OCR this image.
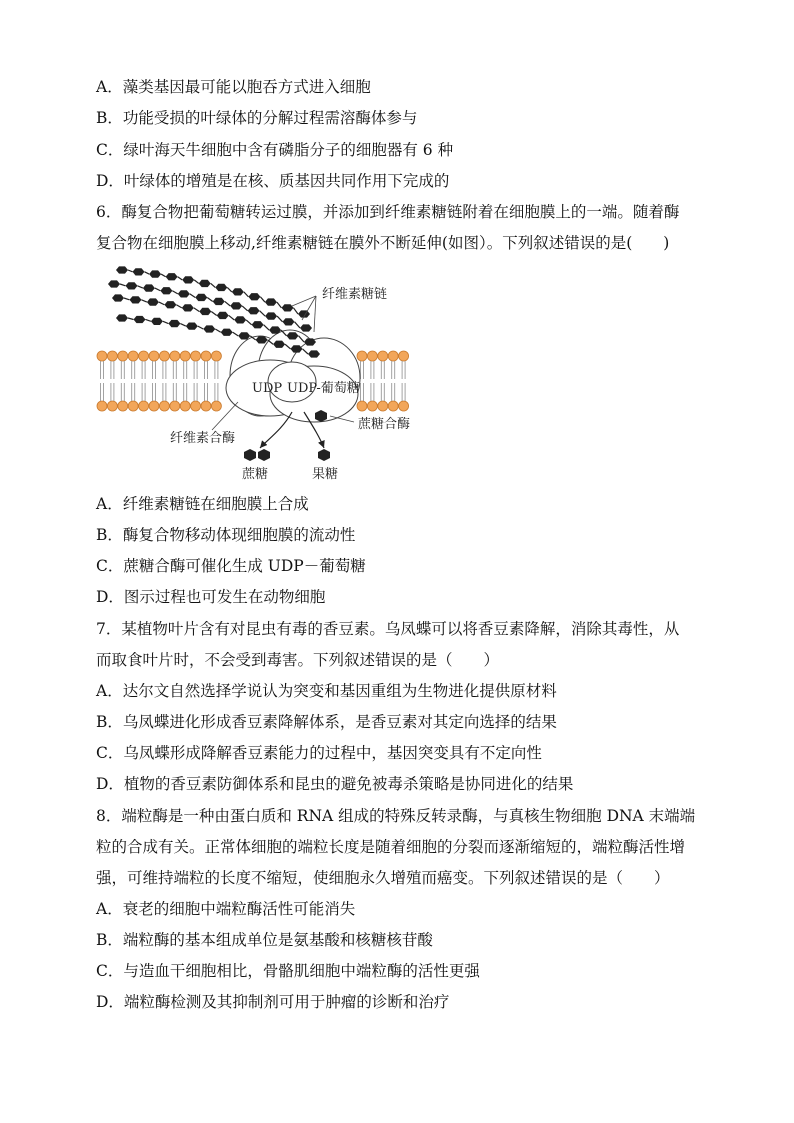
A．藻类基因最可能以胞吞方式进入细胞
B．功能受损的叶绿体的分解过程需溶酶体参与
C．绿叶海天牛细胞中含有磷脂分子的细胞器有 6 种
D．叶绿体的增殖是在核、质基因共同作用下完成的
6．酶复合物把葡萄糖转运过膜，并添加到纤维素糖链附着在细胞膜上的一端。随着酶
复合物在细胞膜上移动,纤维素糖链在膜外不断延伸(如图）。下列叙述错误的是(　　)
纤维素糖链
UDP UDP-葡萄糖
蔗糖合酶
纤维素合酶
蔗糖	果糖
A．纤维素糖链在细胞膜上合成
B．酶复合物移动体现细胞膜的流动性
C．蔗糖合酶可催化生成 UDP－葡萄糖
D．图示过程也可发生在动物细胞
7．某植物叶片含有对昆虫有毒的香豆素。乌凤蝶可以将香豆素降解，消除其毒性，从
而取食叶片时，不会受到毒害。下列叙述错误的是（　　）
A．达尔文自然选择学说认为突变和基因重组为生物进化提供原材料
B．乌凤蝶进化形成香豆素降解体系，是香豆素对其定向选择的结果
C．乌凤蝶形成降解香豆素能力的过程中，基因突变具有不定向性
D．植物的香豆素防御体系和昆虫的避免被毒杀策略是协同进化的结果
8．端粒酶是一种由蛋白质和 RNA 组成的特殊反转录酶，与真核生物细胞 DNA 末端端
粒的合成有关。正常体细胞的端粒长度是随着细胞的分裂而逐渐缩短的，端粒酶活性增
强，可维持端粒的长度不缩短，使细胞永久增殖而癌变。下列叙述错误的是（　　）
A．衰老的细胞中端粒酶活性可能消失
B．端粒酶的基本组成单位是氨基酸和核糖核苷酸
C．与造血干细胞相比，骨骼肌细胞中端粒酶的活性更强
D．端粒酶检测及其抑制剂可用于肿瘤的诊断和治疗
